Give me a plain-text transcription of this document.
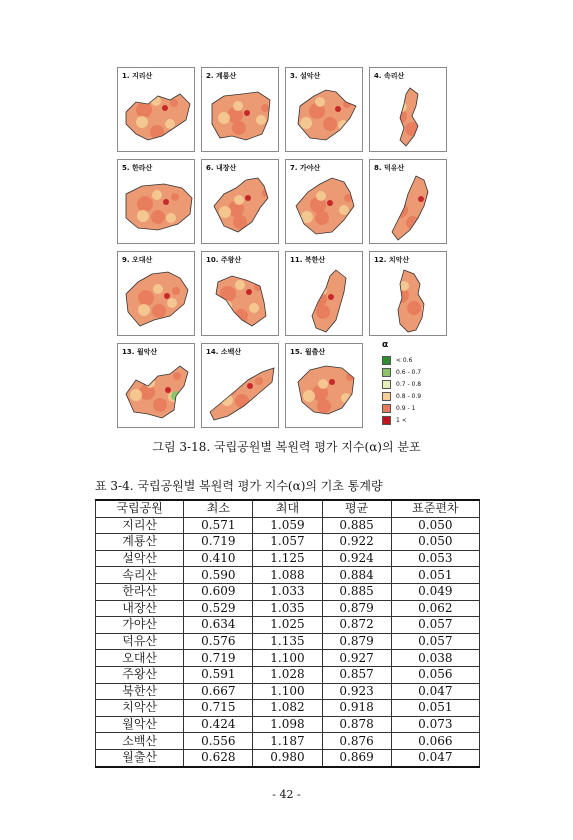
1. 지리산	2. 계룡산	3. 설악산	4. 속리산
5. 한라산	6. 내장산	7. 가야산	8. 덕유산
9. 오대산	10. 주왕산	11. 북한산	12. 치악산
13. 월악산	14. 소백산	15. 월출산
α
< 0.6
0.6 - 0.7
0.7 - 0.8
0.8 - 0.9
0.9 - 1
1 <
그림 3-18. 국립공원별 복원력 평가 지수(α)의 분포
표 3-4. 국립공원별 복원력 평가 지수(α)의 기초 통계량
국립공원	최소	최대	평균	표준편차
지리산	0.571	1.059	0.885	0.050
계룡산	0.719	1.057	0.922	0.050
설악산	0.410	1.125	0.924	0.053
속리산	0.590	1.088	0.884	0.051
한라산	0.609	1.033	0.885	0.049
내장산	0.529	1.035	0.879	0.062
가야산	0.634	1.025	0.872	0.057
덕유산	0.576	1.135	0.879	0.057
오대산	0.719	1.100	0.927	0.038
주왕산	0.591	1.028	0.857	0.056
북한산	0.667	1.100	0.923	0.047
치악산	0.715	1.082	0.918	0.051
월악산	0.424	1.098	0.878	0.073
소백산	0.556	1.187	0.876	0.066
월출산	0.628	0.980	0.869	0.047
- 42 -
